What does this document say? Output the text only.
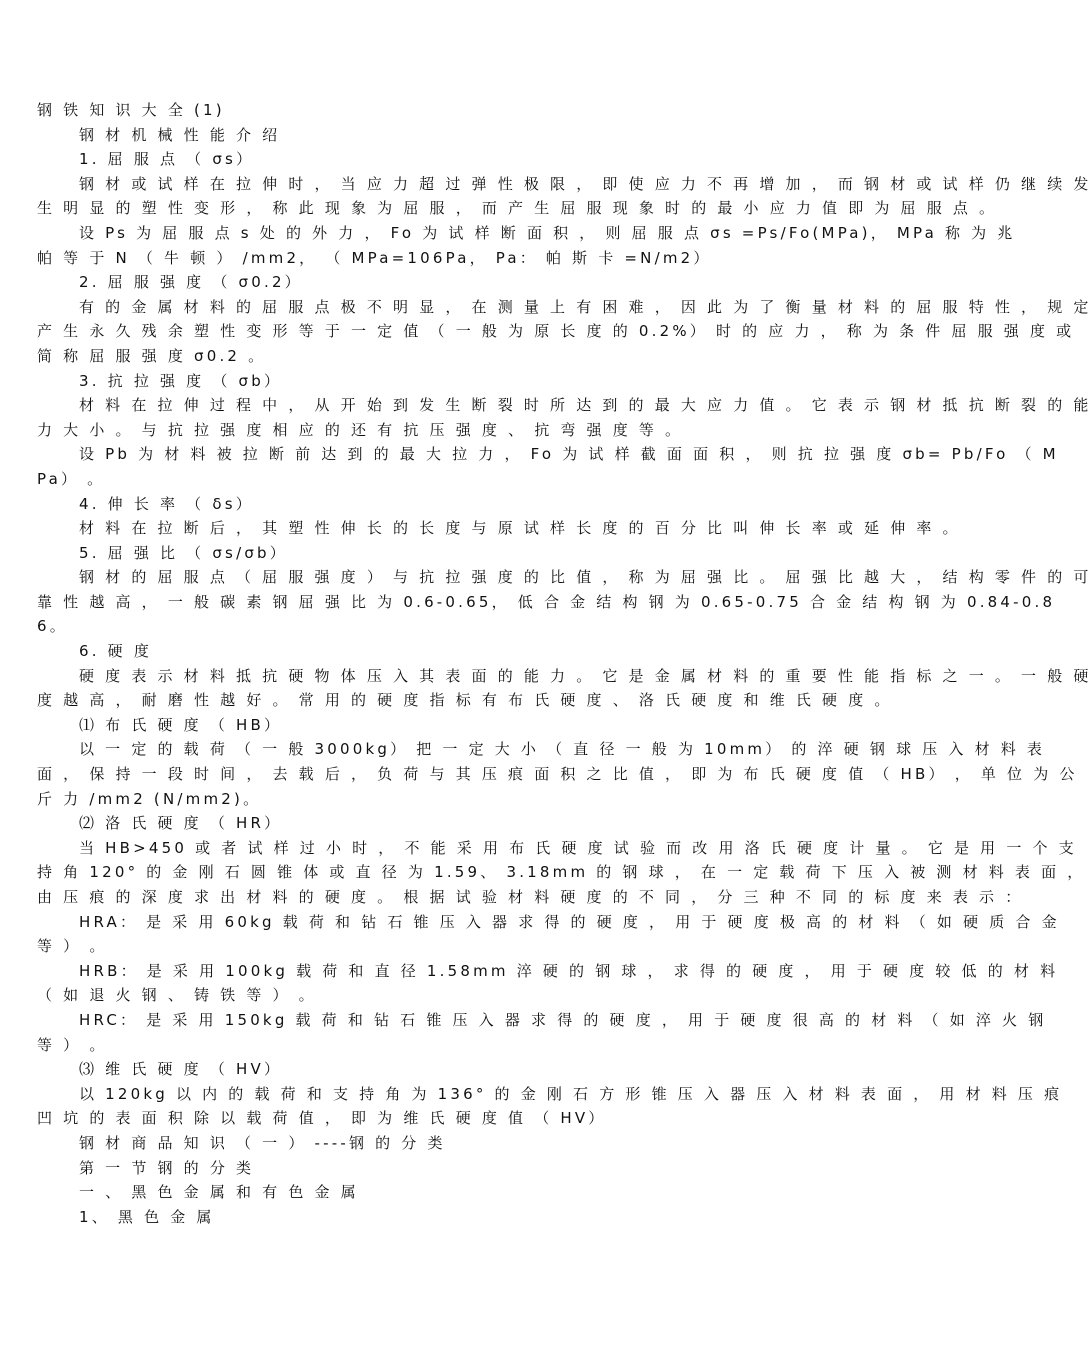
钢 铁 知 识 大 全 (1)
钢 材 机 械 性 能 介 绍
1. 屈 服 点 （ σs）
钢 材 或 试 样 在 拉 伸 时 ， 当 应 力 超 过 弹 性 极 限 ， 即 使 应 力 不 再 增 加 ， 而 钢 材 或 试 样 仍 继 续 发
生 明 显 的 塑 性 变 形 ， 称 此 现 象 为 屈 服 ， 而 产 生 屈 服 现 象 时 的 最 小 应 力 值 即 为 屈 服 点 。
设 Ps 为 屈 服 点 s 处 的 外 力 ， Fo 为 试 样 断 面 积 ， 则 屈 服 点 σs =Ps/Fo(MPa)， MPa 称 为 兆
帕 等 于 N （ 牛 顿 ） /mm2， （ MPa=106Pa， Pa： 帕 斯 卡 =N/m2）
2. 屈 服 强 度 （ σ0.2）
有 的 金 属 材 料 的 屈 服 点 极 不 明 显 ， 在 测 量 上 有 困 难 ， 因 此 为 了 衡 量 材 料 的 屈 服 特 性 ， 规 定
产 生 永 久 残 余 塑 性 变 形 等 于 一 定 值 （ 一 般 为 原 长 度 的 0.2%） 时 的 应 力 ， 称 为 条 件 屈 服 强 度 或
简 称 屈 服 强 度 σ0.2 。
3. 抗 拉 强 度 （ σb）
材 料 在 拉 伸 过 程 中 ， 从 开 始 到 发 生 断 裂 时 所 达 到 的 最 大 应 力 值 。 它 表 示 钢 材 抵 抗 断 裂 的 能
力 大 小 。 与 抗 拉 强 度 相 应 的 还 有 抗 压 强 度 、 抗 弯 强 度 等 。
设 Pb 为 材 料 被 拉 断 前 达 到 的 最 大 拉 力 ， Fo 为 试 样 截 面 面 积 ， 则 抗 拉 强 度 σb= Pb/Fo （ M
Pa） 。
4. 伸 长 率 （ δs）
材 料 在 拉 断 后 ， 其 塑 性 伸 长 的 长 度 与 原 试 样 长 度 的 百 分 比 叫 伸 长 率 或 延 伸 率 。
5. 屈 强 比 （ σs/σb）
钢 材 的 屈 服 点 （ 屈 服 强 度 ） 与 抗 拉 强 度 的 比 值 ， 称 为 屈 强 比 。 屈 强 比 越 大 ， 结 构 零 件 的 可
靠 性 越 高 ， 一 般 碳 素 钢 屈 强 比 为 0.6-0.65， 低 合 金 结 构 钢 为 0.65-0.75 合 金 结 构 钢 为 0.84-0.8
6。
6. 硬 度
硬 度 表 示 材 料 抵 抗 硬 物 体 压 入 其 表 面 的 能 力 。 它 是 金 属 材 料 的 重 要 性 能 指 标 之 一 。 一 般 硬
度 越 高 ， 耐 磨 性 越 好 。 常 用 的 硬 度 指 标 有 布 氏 硬 度 、 洛 氏 硬 度 和 维 氏 硬 度 。
⑴ 布 氏 硬 度 （ HB）
以 一 定 的 载 荷 （ 一 般 3000kg） 把 一 定 大 小 （ 直 径 一 般 为 10mm） 的 淬 硬 钢 球 压 入 材 料 表
面 ， 保 持 一 段 时 间 ， 去 载 后 ， 负 荷 与 其 压 痕 面 积 之 比 值 ， 即 为 布 氏 硬 度 值 （ HB） ， 单 位 为 公
斤 力 /mm2 (N/mm2)。
⑵ 洛 氏 硬 度 （ HR）
当 HB>450 或 者 试 样 过 小 时 ， 不 能 采 用 布 氏 硬 度 试 验 而 改 用 洛 氏 硬 度 计 量 。 它 是 用 一 个 支
持 角 120° 的 金 刚 石 圆 锥 体 或 直 径 为 1.59、 3.18mm 的 钢 球 ， 在 一 定 载 荷 下 压 入 被 测 材 料 表 面 ，
由 压 痕 的 深 度 求 出 材 料 的 硬 度 。 根 据 试 验 材 料 硬 度 的 不 同 ， 分 三 种 不 同 的 标 度 来 表 示 ：
HRA： 是 采 用 60kg 载 荷 和 钻 石 锥 压 入 器 求 得 的 硬 度 ， 用 于 硬 度 极 高 的 材 料 （ 如 硬 质 合 金
等 ） 。
HRB： 是 采 用 100kg 载 荷 和 直 径 1.58mm 淬 硬 的 钢 球 ， 求 得 的 硬 度 ， 用 于 硬 度 较 低 的 材 料
（ 如 退 火 钢 、 铸 铁 等 ） 。
HRC： 是 采 用 150kg 载 荷 和 钻 石 锥 压 入 器 求 得 的 硬 度 ， 用 于 硬 度 很 高 的 材 料 （ 如 淬 火 钢
等 ） 。
⑶ 维 氏 硬 度 （ HV）
以 120kg 以 内 的 载 荷 和 支 持 角 为 136° 的 金 刚 石 方 形 锥 压 入 器 压 入 材 料 表 面 ， 用 材 料 压 痕
凹 坑 的 表 面 积 除 以 载 荷 值 ， 即 为 维 氏 硬 度 值 （ HV）
钢 材 商 品 知 识 （ 一 ） ----钢 的 分 类
第 一 节 钢 的 分 类
一 、 黑 色 金 属 和 有 色 金 属
1、 黑 色 金 属
